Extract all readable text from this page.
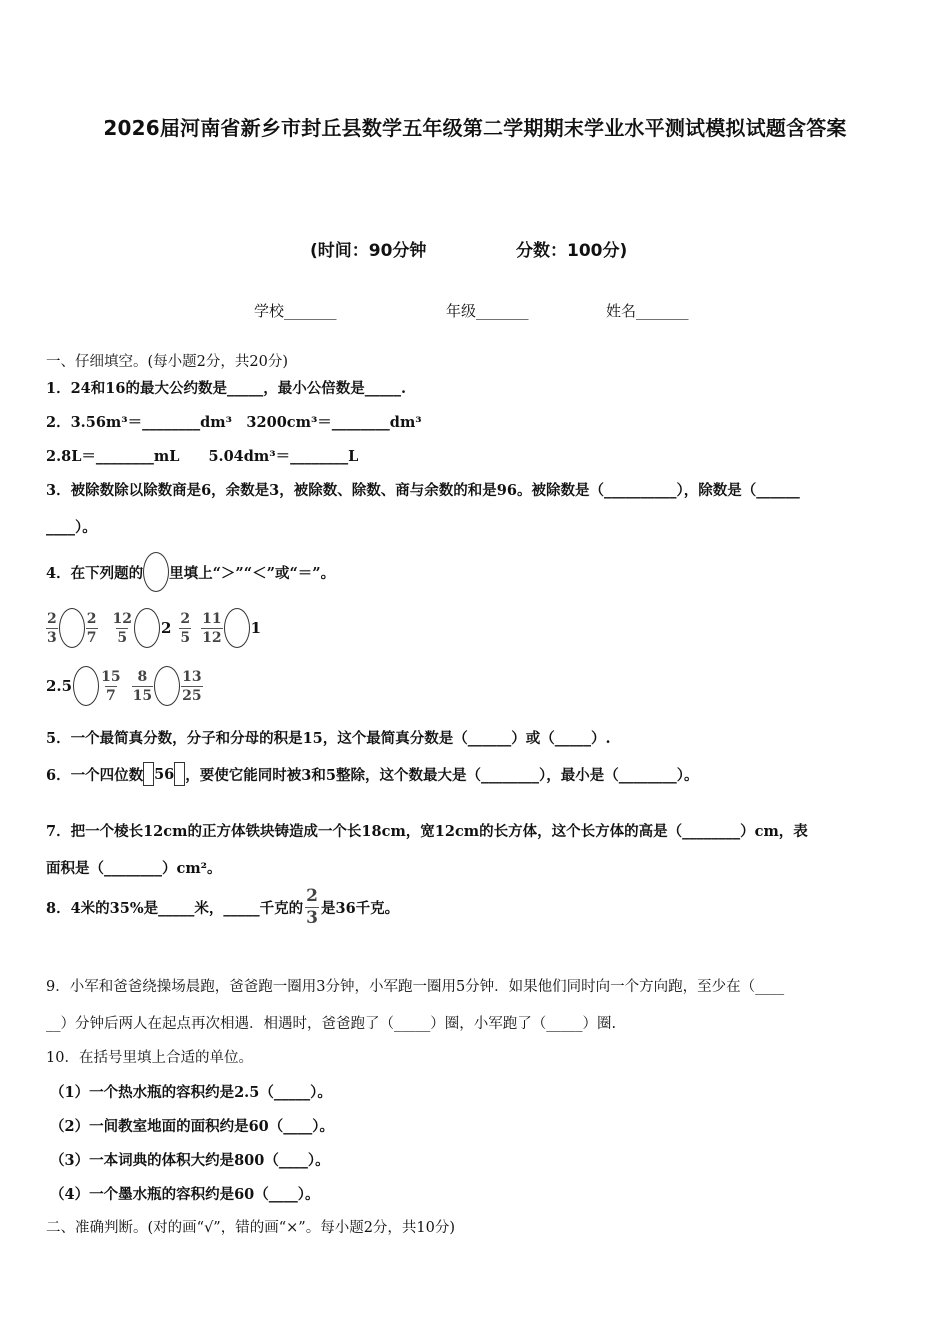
2026届河南省新乡市封丘县数学五年级第二学期期末学业水平测试模拟试题含答案
(时间：90分钟	分数：100分)
学校_______	年级_______	姓名_______
一、仔细填空。(每小题2分，共20分)
1．24和16的最大公约数是_____，最小公倍数是_____.
2．3.56m³＝________dm³　3200cm³＝________dm³
2.8L＝________mL　　5.04dm³＝________L
3．被除数除以除数商是6，余数是3，被除数、除数、商与余数的和是96。被除数是（__________），除数是（______
____）。
4．在下列题的 里填上“＞”“＜”或“＝”。
$\frac{2}{3} \frac{2}{7} \frac{12}{5} 2 \frac{2}{5} \frac{11}{12} 1$
$2.5 \frac{15}{7} \frac{8}{15} \frac{13}{25}$
5．一个最简真分数，分子和分母的积是15，这个最简真分数是（______）或（_____）.
6．一个四位数 56 ，要使它能同时被3和5整除，这个数最大是（________），最小是（________）。
7．把一个棱长12cm的正方体铁块铸造成一个长18cm，宽12cm的长方体，这个长方体的高是（________）cm，表
面积是（________）cm²。
8．4米的35%是_____米，_____千克的 $\frac{2}{3}$ 是36千克。
9．小军和爸爸绕操场晨跑，爸爸跑一圈用3分钟，小军跑一圈用5分钟．如果他们同时向一个方向跑，至少在（____
__）分钟后两人在起点再次相遇．相遇时，爸爸跑了（_____）圈，小军跑了（_____）圈.
10．在括号里填上合适的单位。
（1）一个热水瓶的容积约是2.5（_____）。
（2）一间教室地面的面积约是60（____）。
（3）一本词典的体积大约是800（____）。
（4）一个墨水瓶的容积约是60（____）。
二、准确判断。(对的画“√”，错的画“×”。每小题2分，共10分)
